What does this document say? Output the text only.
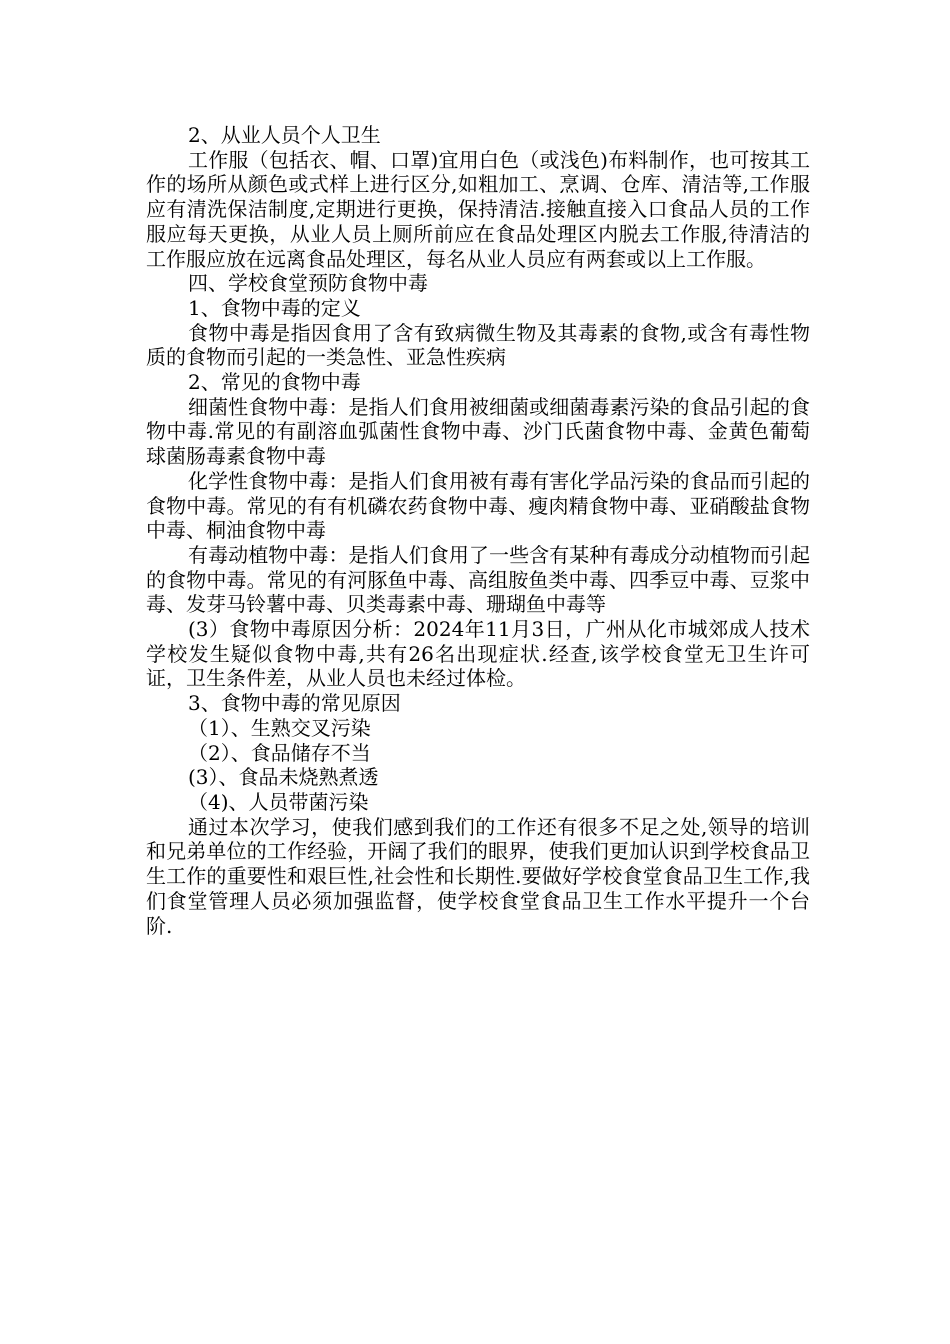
2、从业人员个人卫生

工作服（包括衣、帽、口罩)宜用白色（或浅色)布料制作，也可按其工作的场所从颜色或式样上进行区分,如粗加工、烹调、仓库、清洁等,工作服应有清洗保洁制度,定期进行更换，保持清洁.接触直接入口食品人员的工作服应每天更换，从业人员上厕所前应在食品处理区内脱去工作服,待清洁的工作服应放在远离食品处理区，每名从业人员应有两套或以上工作服。

四、学校食堂预防食物中毒

1、食物中毒的定义

食物中毒是指因食用了含有致病微生物及其毒素的食物,或含有毒性物质的食物而引起的一类急性、亚急性疾病

2、常见的食物中毒

细菌性食物中毒：是指人们食用被细菌或细菌毒素污染的食品引起的食物中毒.常见的有副溶血弧菌性食物中毒、沙门氏菌食物中毒、金黄色葡萄球菌肠毒素食物中毒

化学性食物中毒：是指人们食用被有毒有害化学品污染的食品而引起的食物中毒。常见的有有机磷农药食物中毒、瘦肉精食物中毒、亚硝酸盐食物中毒、桐油食物中毒

有毒动植物中毒：是指人们食用了一些含有某种有毒成分动植物而引起的食物中毒。常见的有河豚鱼中毒、高组胺鱼类中毒、四季豆中毒、豆浆中毒、发芽马铃薯中毒、贝类毒素中毒、珊瑚鱼中毒等

(3）食物中毒原因分析：2024年11月3日，广州从化市城郊成人技术学校发生疑似食物中毒,共有26名出现症状.经查,该学校食堂无卫生许可证，卫生条件差，从业人员也未经过体检。

3、食物中毒的常见原因

（1）、生熟交叉污染

（2）、食品储存不当

(3）、食品未烧熟煮透

（4)、人员带菌污染

通过本次学习，使我们感到我们的工作还有很多不足之处,领导的培训和兄弟单位的工作经验，开阔了我们的眼界，使我们更加认识到学校食品卫生工作的重要性和艰巨性,社会性和长期性.要做好学校食堂食品卫生工作,我们食堂管理人员必须加强监督，使学校食堂食品卫生工作水平提升一个台阶.
